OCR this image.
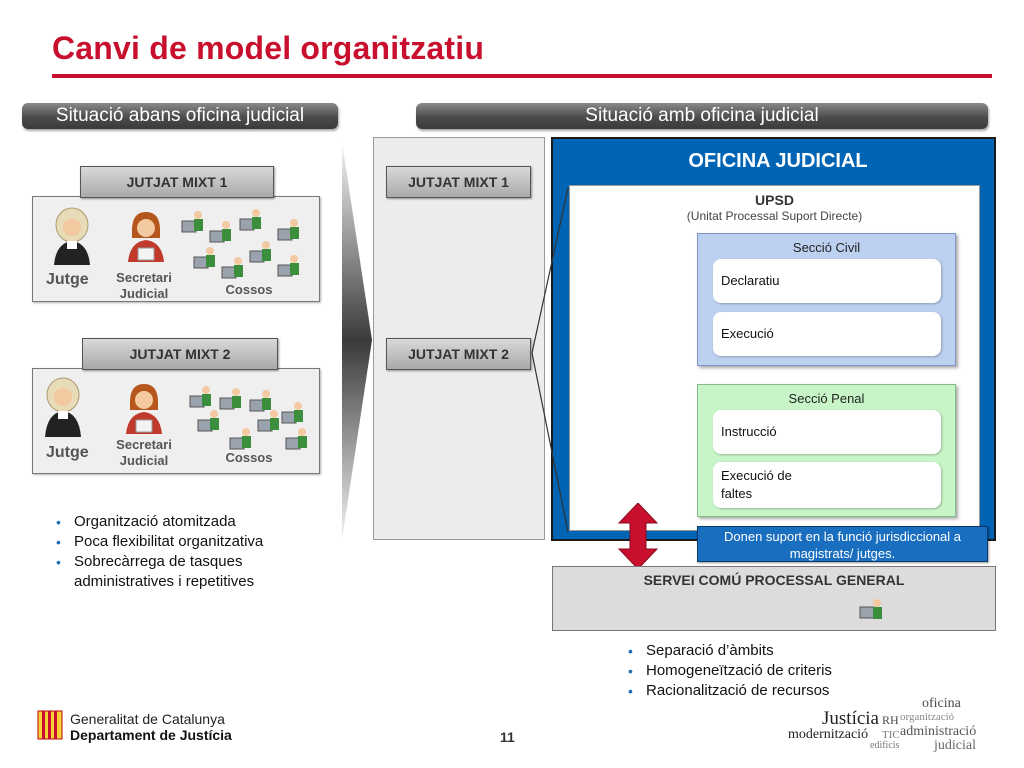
Canvi de model organitzatiu
Situació abans oficina judicial	Situació amb oficina judicial
JUTJAT MIXT 1
Jutge	Secretari
Judicial	Cossos
JUTJAT MIXT 2
Jutge	Secretari
Judicial	Cossos
• Organització atomitzada
• Poca flexibilitat organitzativa
• Sobrecàrrega de tasques
administratives i repetitives
JUTJAT MIXT 1
JUTJAT MIXT 2
OFICINA JUDICIAL
UPSD
(Unitat Processal Suport Directe)
Secció Civil
Declaratiu
Execució
Secció Penal
Instrucció
Execució de
faltes
Donen suport en la funció jurisdiccional a
magistrats/ jutges.
SERVEI COMÚ PROCESSAL GENERAL
• Separació d’àmbits
• Homogeneïtzació de criteris
• Racionalització de recursos
Generalitat de Catalunya
Departament de Justícia	11
oficina
Justícia RH organització
modernització TIC administració
judicial
edificis
